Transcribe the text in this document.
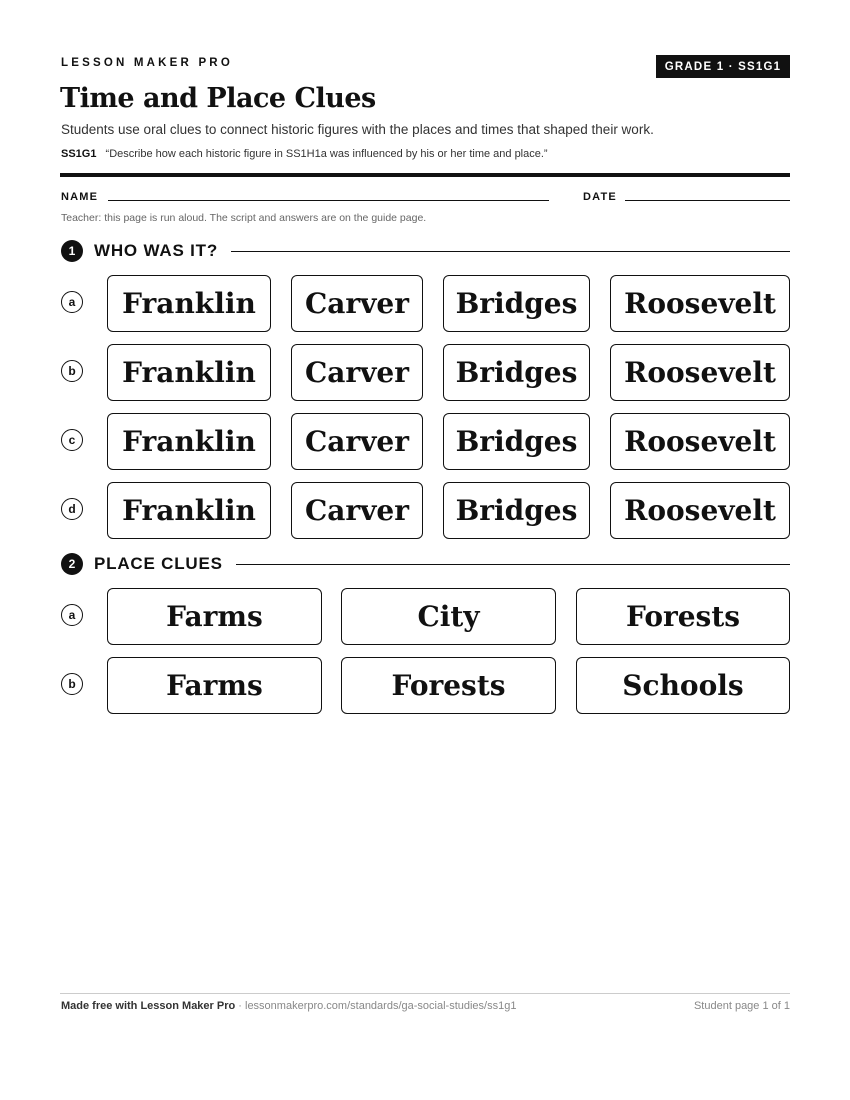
LESSON MAKER PRO	GRADE 1 · SS1G1
Time and Place Clues
Students use oral clues to connect historic figures with the places and times that shaped their work.
SS1G1 “Describe how each historic figure in SS1H1a was influenced by his or her time and place.”
NAME	DATE
Teacher: this page is run aloud. The script and answers are on the guide page.
1	WHO WAS IT?
a	Franklin	Carver	Bridges	Roosevelt
b	Franklin	Carver	Bridges	Roosevelt
c	Franklin	Carver	Bridges	Roosevelt
d	Franklin	Carver	Bridges	Roosevelt
2	PLACE CLUES
a	Farms	City	Forests
b	Farms	Forests	Schools
Made free with Lesson Maker Pro · lessonmakerpro.com/standards/ga-social-studies/ss1g1	Student page 1 of 1
